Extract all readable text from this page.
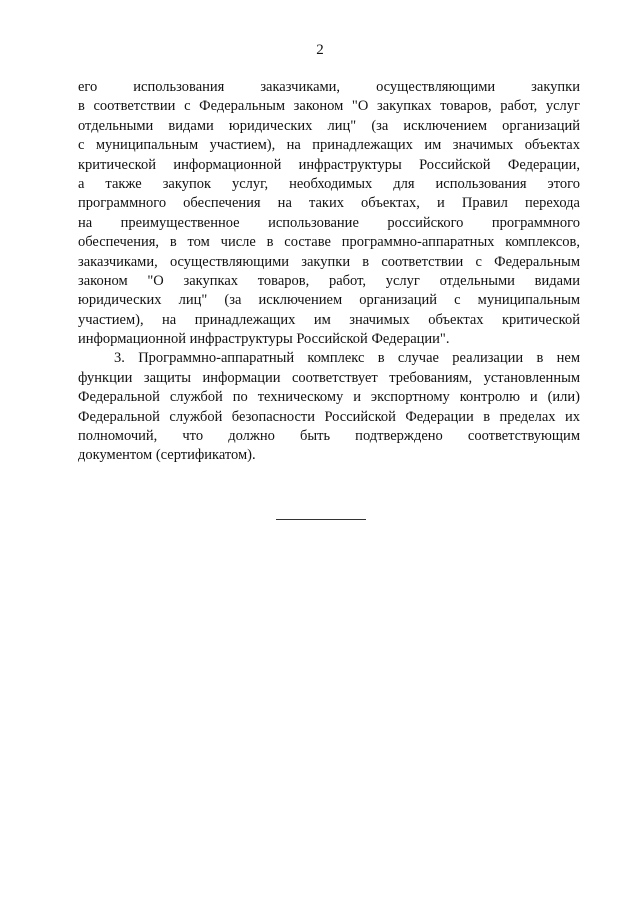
2
его использования заказчиками, осуществляющими закупки
в соответствии с Федеральным законом "О закупках товаров, работ, услуг
отдельными видами юридических лиц" (за исключением организаций
с муниципальным участием), на принадлежащих им значимых объектах
критической информационной инфраструктуры Российской Федерации,
а также закупок услуг, необходимых для использования этого
программного обеспечения на таких объектах, и Правил перехода
на преимущественное использование российского программного
обеспечения, в том числе в составе программно-аппаратных комплексов,
заказчиками, осуществляющими закупки в соответствии с Федеральным
законом "О закупках товаров, работ, услуг отдельными видами
юридических лиц" (за исключением организаций с муниципальным
участием), на принадлежащих им значимых объектах критической
информационной инфраструктуры Российской Федерации".
3. Программно-аппаратный комплекс в случае реализации в нем
функции защиты информации соответствует требованиям, установленным
Федеральной службой по техническому и экспортному контролю и (или)
Федеральной службой безопасности Российской Федерации в пределах их
полномочий, что должно быть подтверждено соответствующим
документом (сертификатом).
